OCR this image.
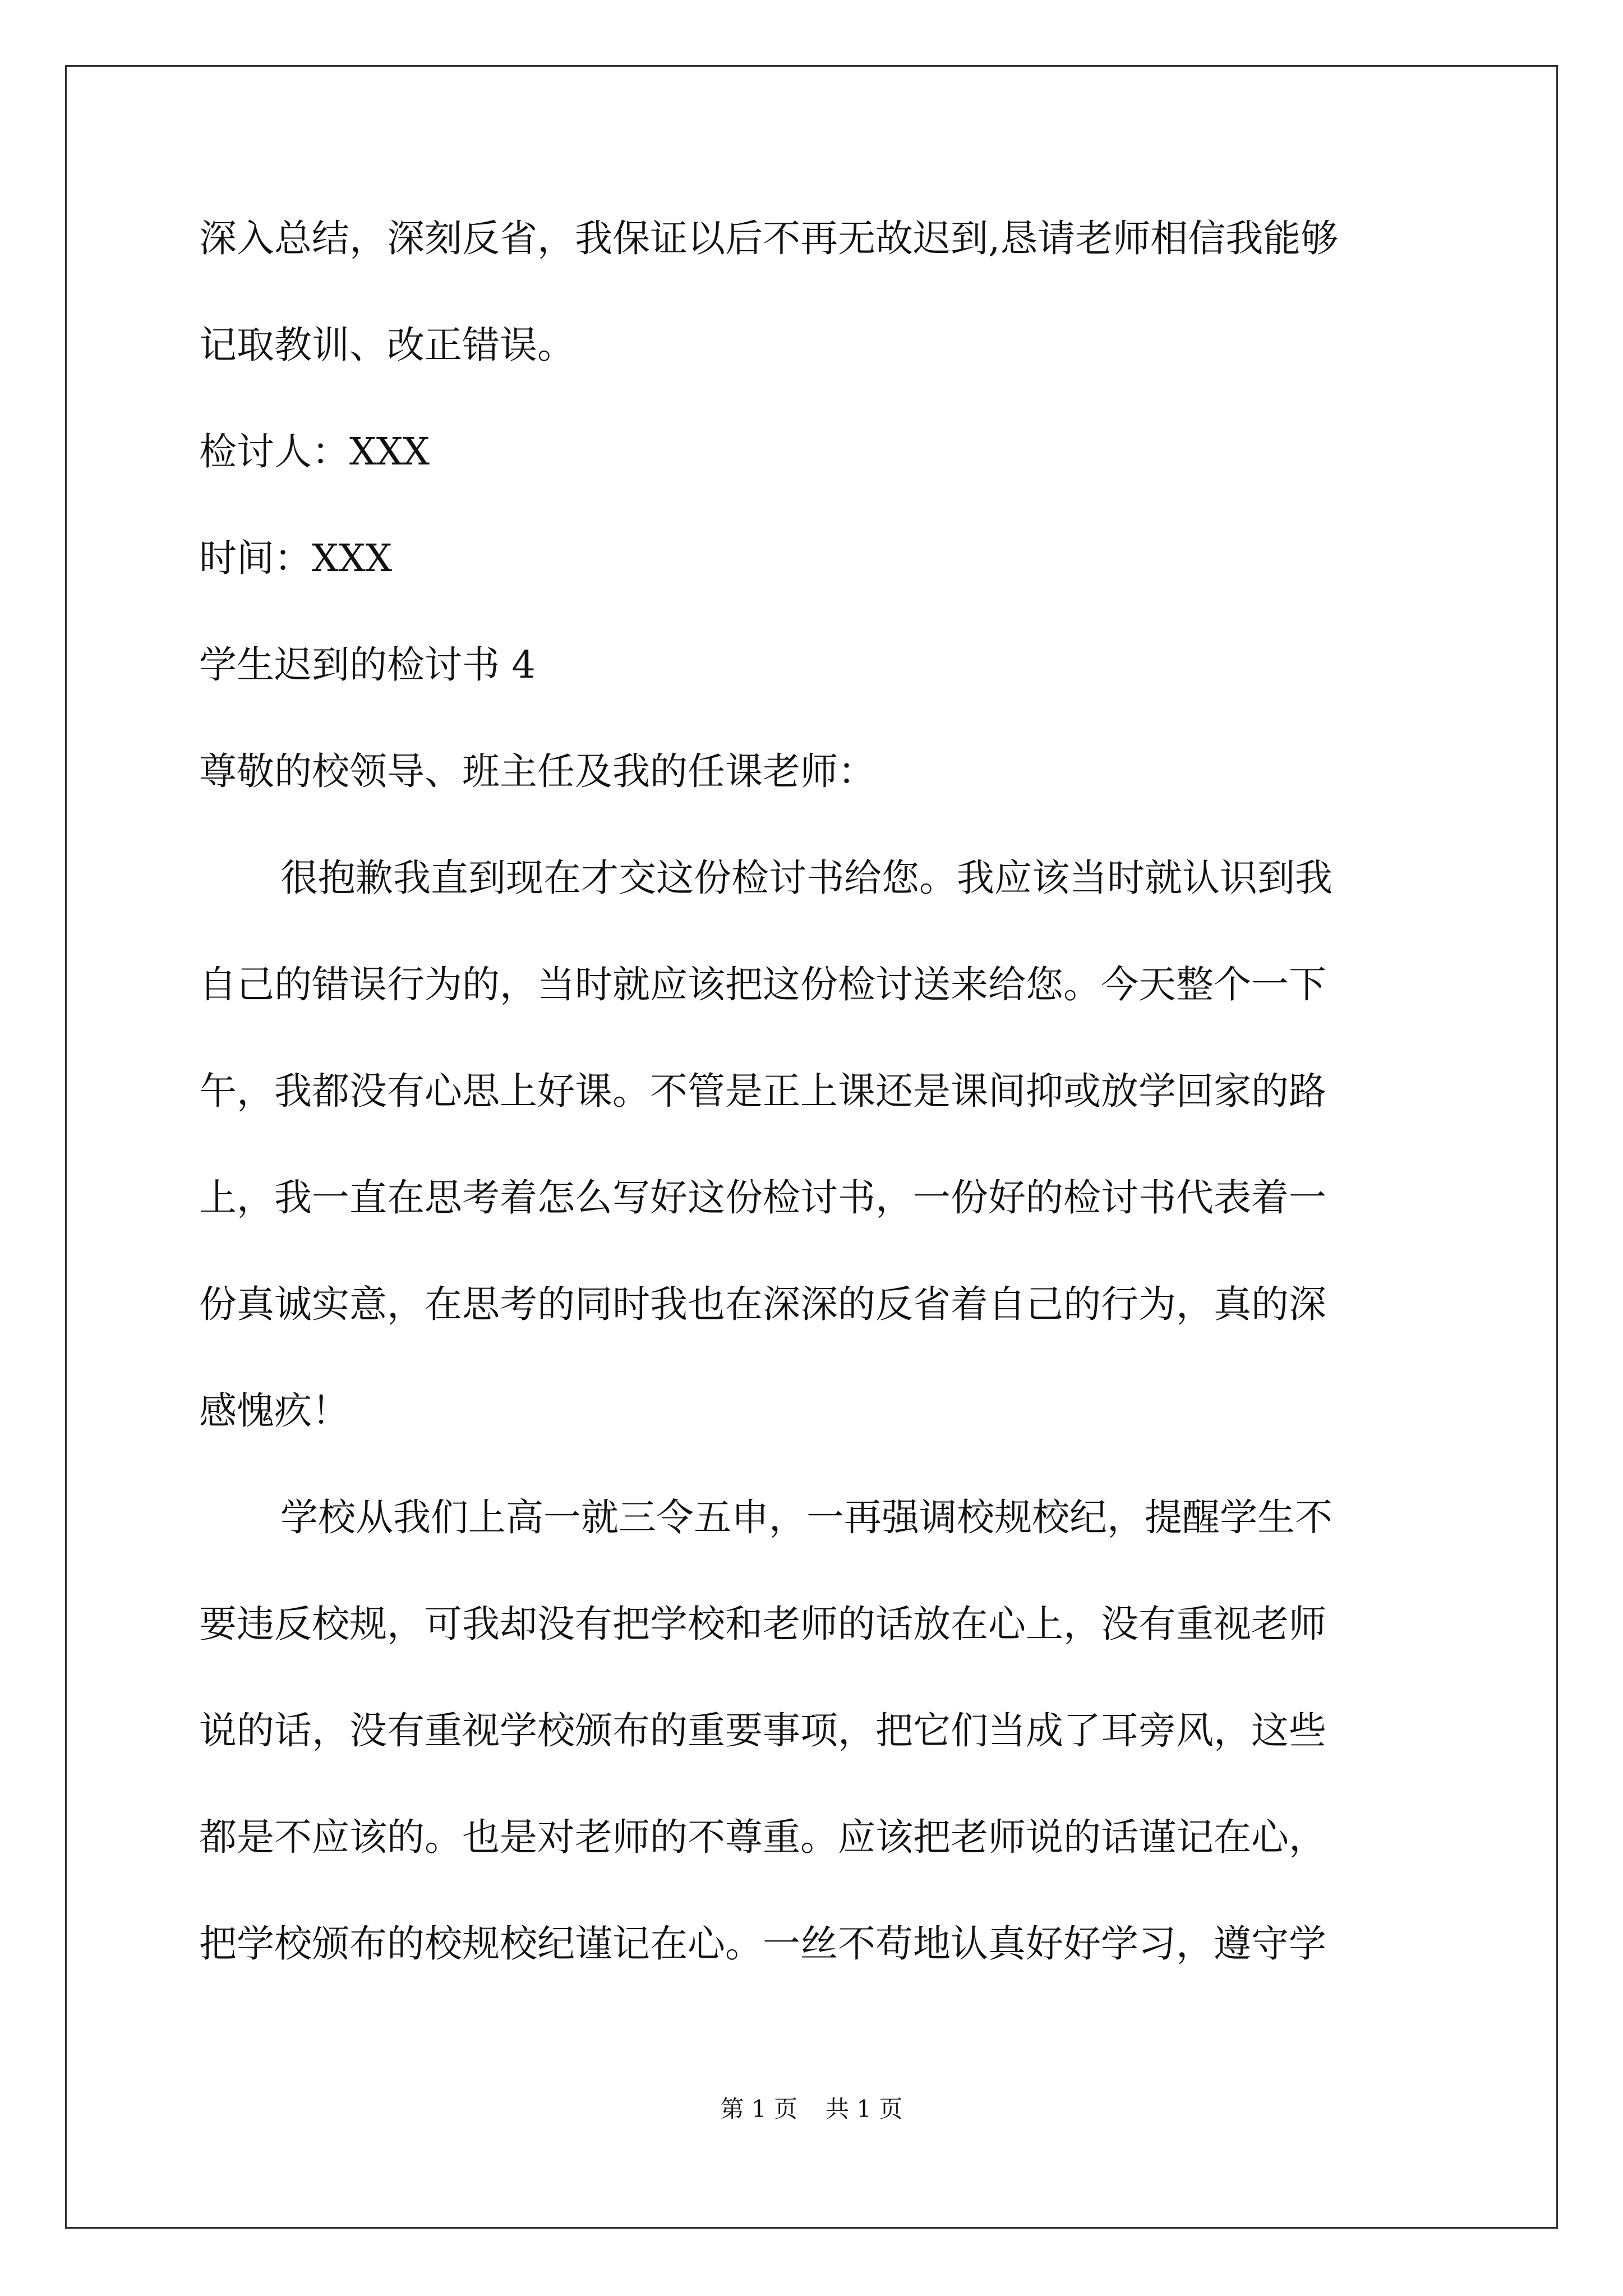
深入总结，深刻反省，我保证以后不再无故迟到,恳请老师相信我能够
记取教训、改正错误。
检讨人：XXX
时间：XXX
学生迟到的检讨书 4
尊敬的校领导、班主任及我的任课老师：
很抱歉我直到现在才交这份检讨书给您。我应该当时就认识到我
自己的错误行为的，当时就应该把这份检讨送来给您。今天整个一下
午，我都没有心思上好课。不管是正上课还是课间抑或放学回家的路
上，我一直在思考着怎么写好这份检讨书，一份好的检讨书代表着一
份真诚实意，在思考的同时我也在深深的反省着自己的行为，真的深
感愧疚！
学校从我们上高一就三令五申，一再强调校规校纪，提醒学生不
要违反校规，可我却没有把学校和老师的话放在心上，没有重视老师
说的话，没有重视学校颁布的重要事项，把它们当成了耳旁风，这些
都是不应该的。也是对老师的不尊重。应该把老师说的话谨记在心，
把学校颁布的校规校纪谨记在心。一丝不苟地认真好好学习，遵守学
第 1 页 共 1 页
